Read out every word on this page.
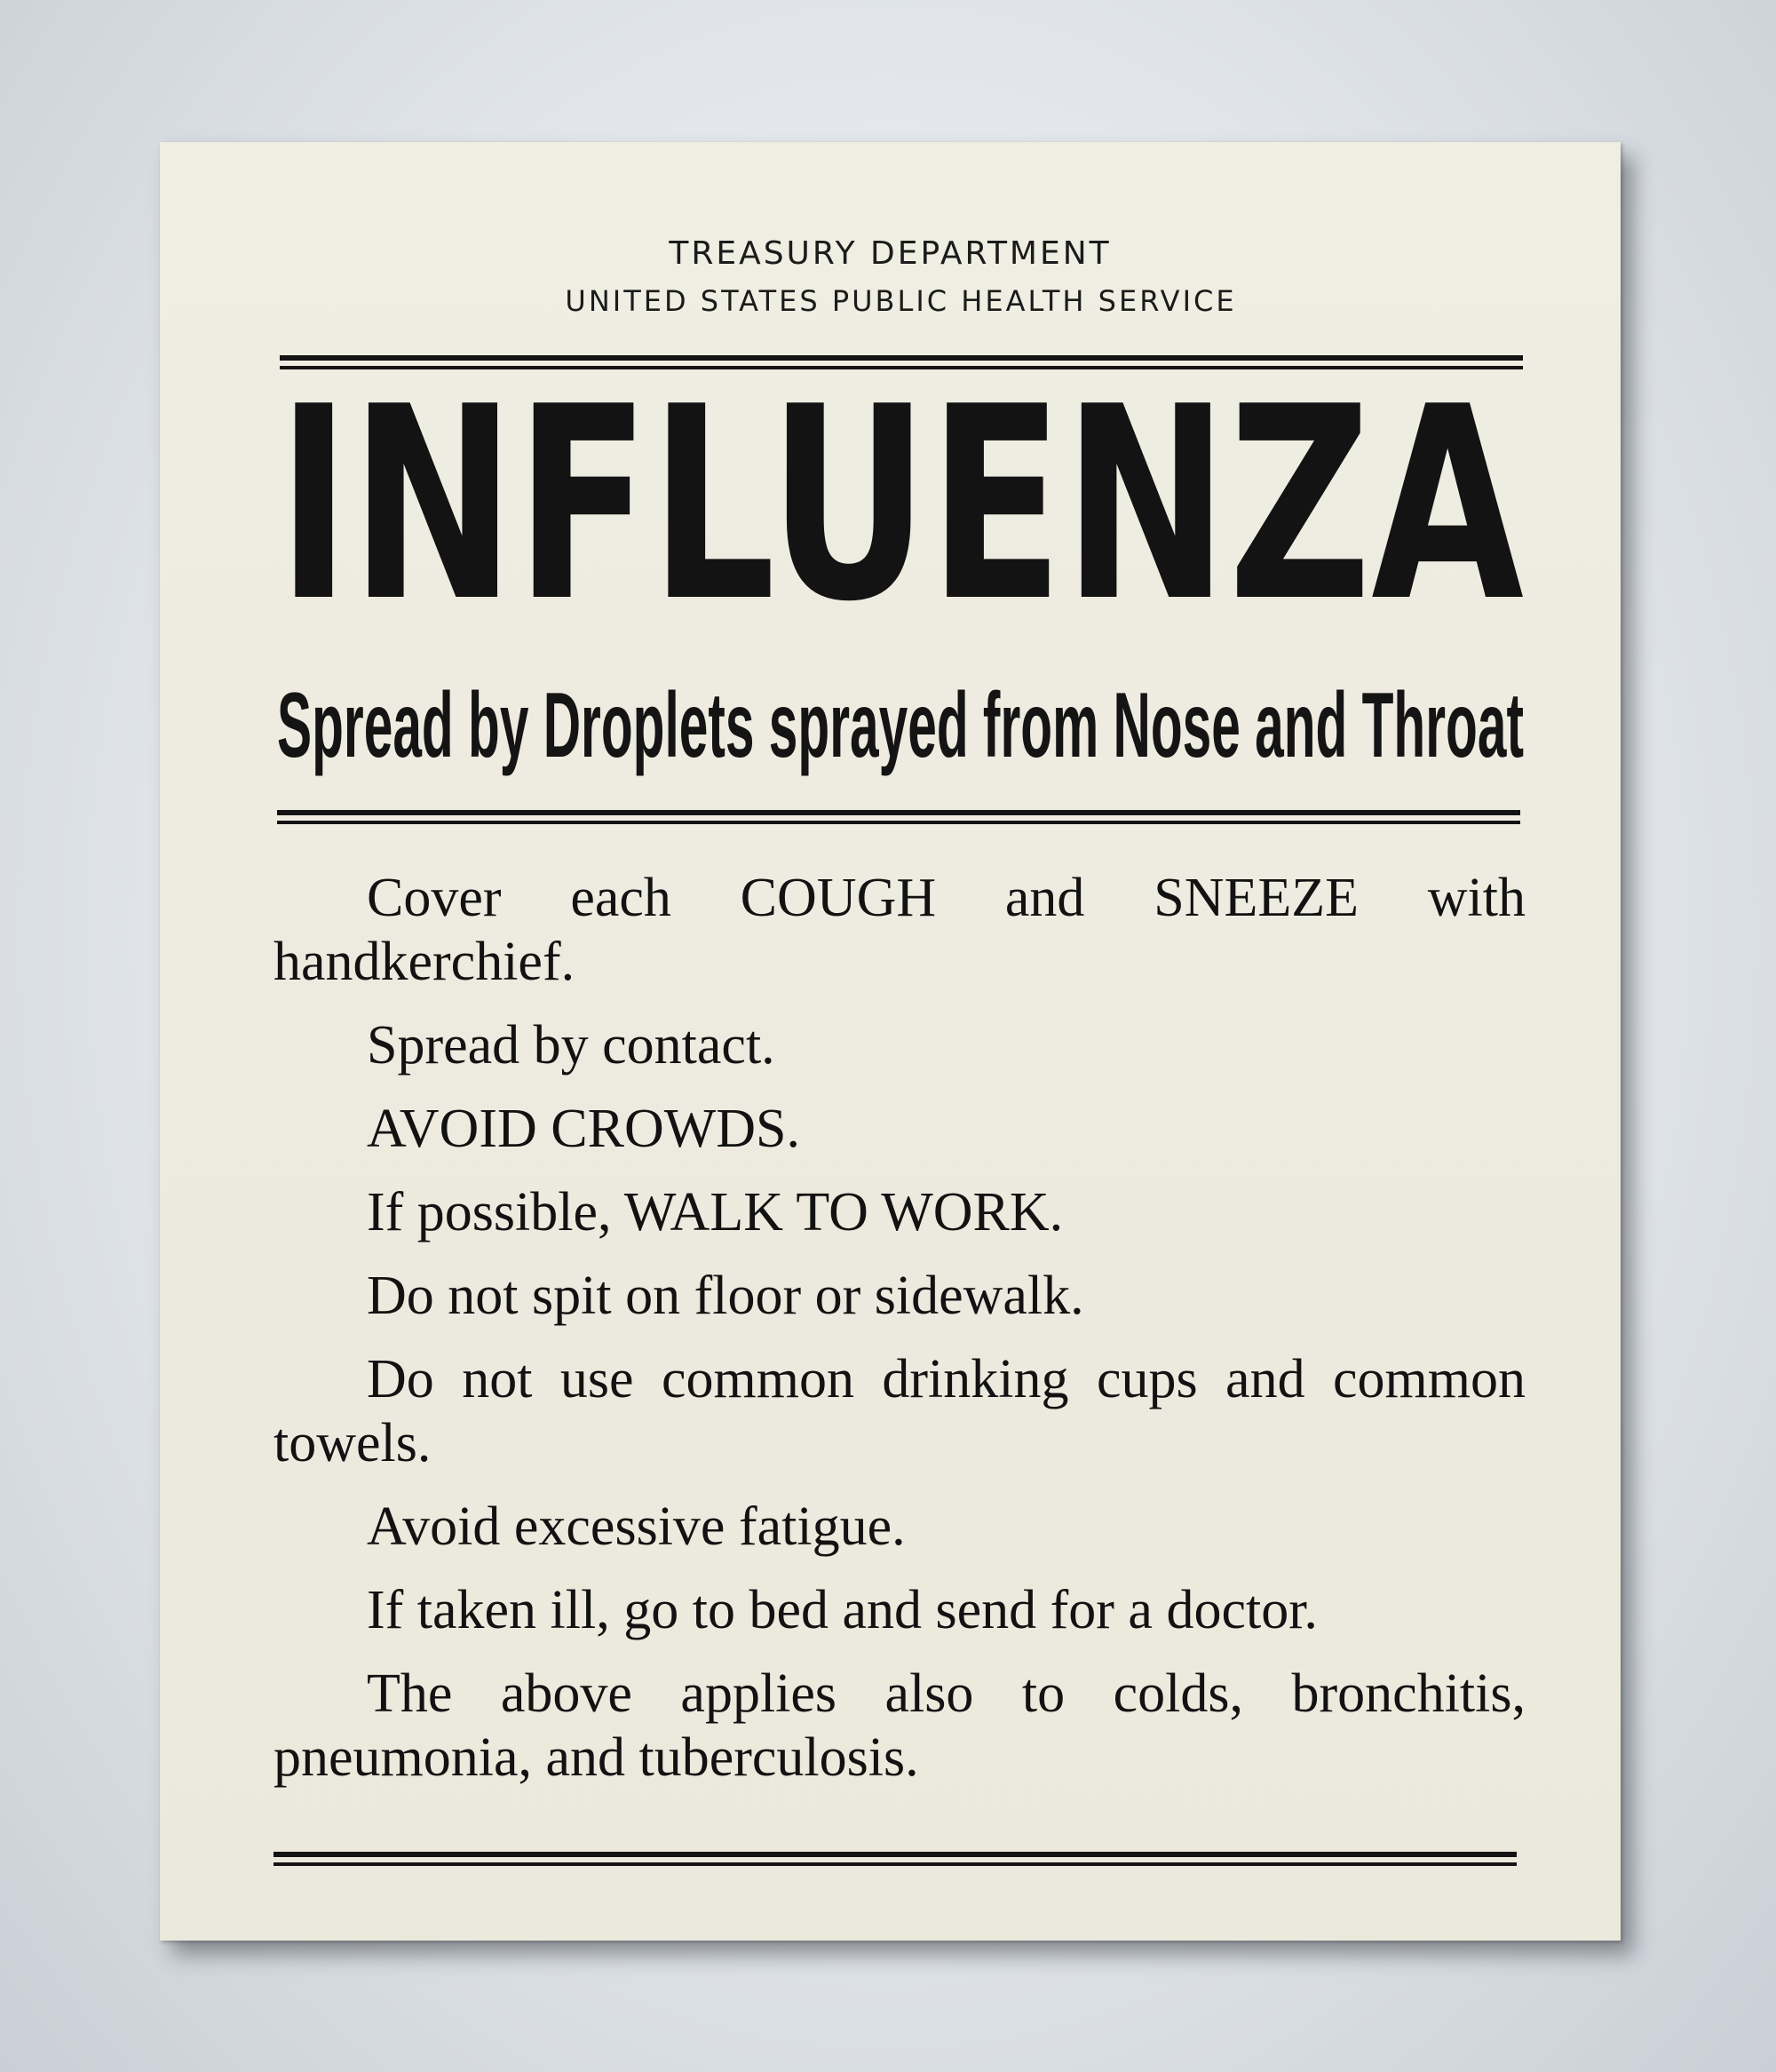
TREASURY DEPARTMENT
UNITED STATES PUBLIC HEALTH SERVICE
INFLUENZA
Spread by Droplets sprayed from Nose and Throat

Cover each COUGH and SNEEZE with handkerchief.

Spread by contact.

AVOID CROWDS.

If possible, WALK TO WORK.

Do not spit on floor or sidewalk.

Do not use common drinking cups and common towels.

Avoid excessive fatigue.

If taken ill, go to bed and send for a doctor.

The above applies also to colds, bronchitis, pneumonia, and tuberculosis.
